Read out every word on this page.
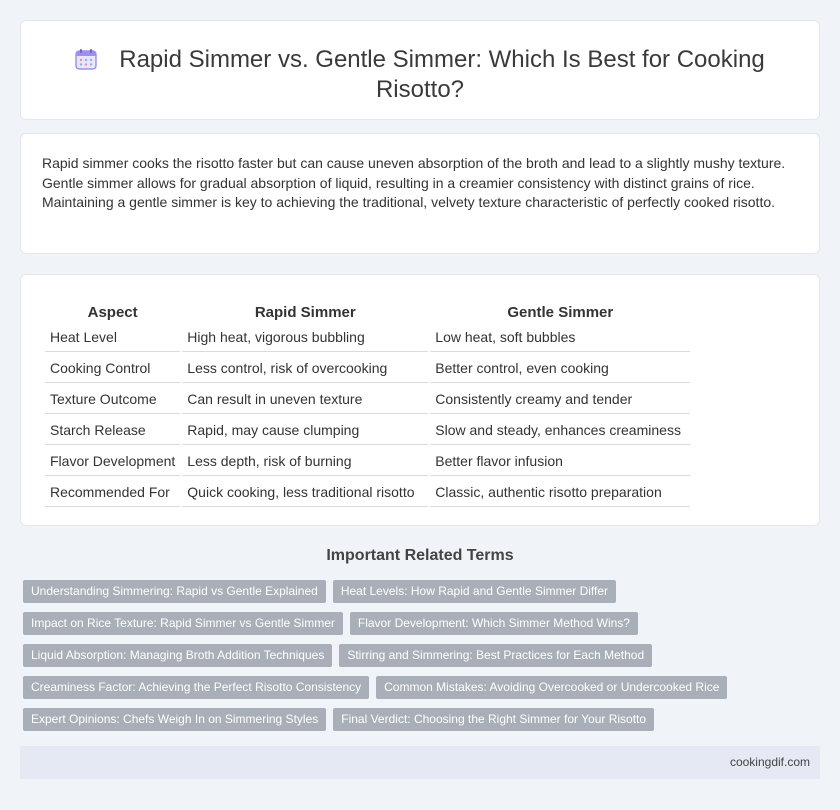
Rapid Simmer vs. Gentle Simmer: Which Is Best for Cooking Risotto?

Rapid simmer cooks the risotto faster but can cause uneven absorption of the broth and lead to a slightly mushy texture. Gentle simmer allows for gradual absorption of liquid, resulting in a creamier consistency with distinct grains of rice. Maintaining a gentle simmer is key to achieving the traditional, velvety texture characteristic of perfectly cooked risotto.

Aspect	Rapid Simmer	Gentle Simmer
Heat Level	High heat, vigorous bubbling	Low heat, soft bubbles
Cooking Control	Less control, risk of overcooking	Better control, even cooking
Texture Outcome	Can result in uneven texture	Consistently creamy and tender
Starch Release	Rapid, may cause clumping	Slow and steady, enhances creaminess
Flavor Development	Less depth, risk of burning	Better flavor infusion
Recommended For	Quick cooking, less traditional risotto	Classic, authentic risotto preparation
Important Related Terms
Understanding Simmering: Rapid vs Gentle Explained	Heat Levels: How Rapid and Gentle Simmer Differ
Impact on Rice Texture: Rapid Simmer vs Gentle Simmer	Flavor Development: Which Simmer Method Wins?
Liquid Absorption: Managing Broth Addition Techniques	Stirring and Simmering: Best Practices for Each Method
Creaminess Factor: Achieving the Perfect Risotto Consistency	Common Mistakes: Avoiding Overcooked or Undercooked Rice
Expert Opinions: Chefs Weigh In on Simmering Styles	Final Verdict: Choosing the Right Simmer for Your Risotto
cookingdif.com
